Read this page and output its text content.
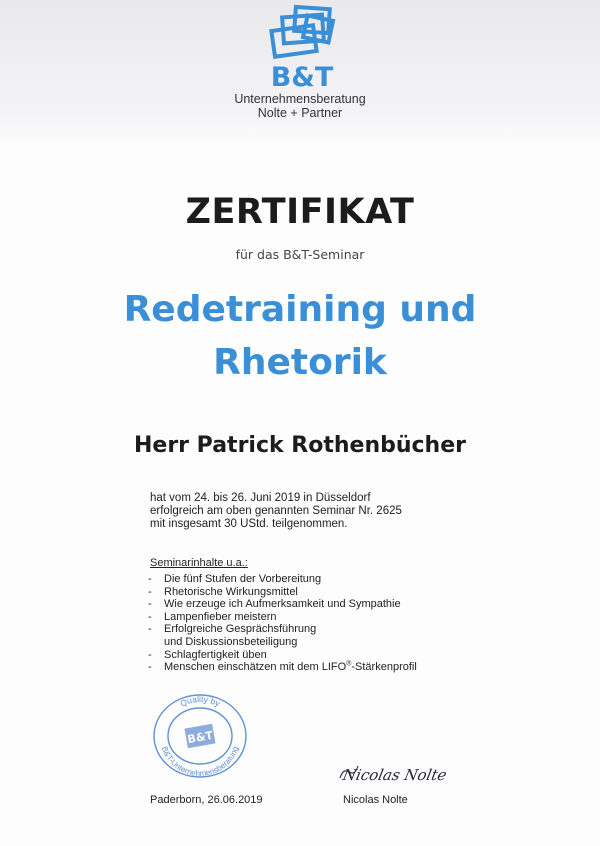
B&T
Unternehmensberatung
Nolte + Partner
ZERTIFIKAT
für das B&T-Seminar
Redetraining und
Rhetorik
Herr Patrick Rothenbücher
hat vom 24. bis 26. Juni 2019 in Düsseldorf
erfolgreich am oben genannten Seminar Nr. 2625
mit insgesamt 30 UStd. teilgenommen.
Seminarinhalte u.a.:
- Die fünf Stufen der Vorbereitung
- Rhetorische Wirkungsmittel
- Wie erzeuge ich Aufmerksamkeit und Sympathie
- Lampenfieber meistern
- Erfolgreiche Gesprächsführung
und Diskussionsbeteiligung
- Schlagfertigkeit üben
- Menschen einschätzen mit dem LIFO®-Stärkenprofil
B&T
Quality by
B&T-Unternehmensberatung
Nicolas Nolte
Paderborn, 26.06.2019	Nicolas Nolte
